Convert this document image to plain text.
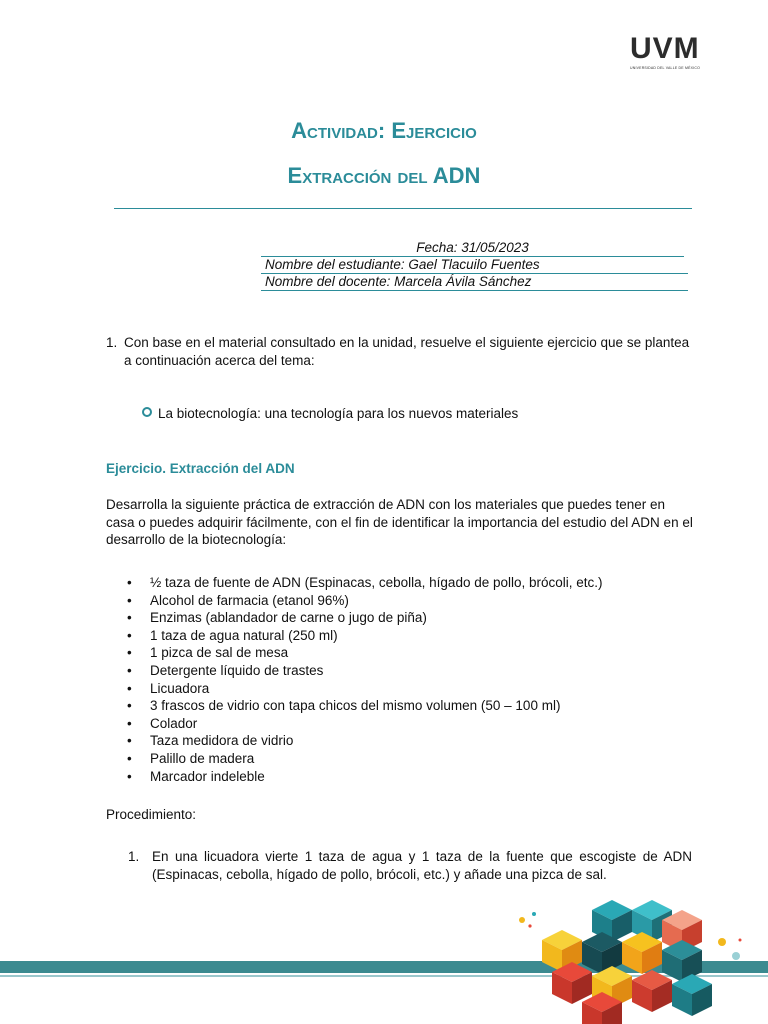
UVM
UNIVERSIDAD DEL VALLE DE MÉXICO
Actividad: Ejercicio
Extracción del ADN
Fecha: 31/05/2023
Nombre del estudiante: Gael Tlacuilo Fuentes
Nombre del docente: Marcela Ávila Sánchez
1. Con base en el material consultado en la unidad, resuelve el siguiente ejercicio que se plantea a continuación acerca del tema:
La biotecnología: una tecnología para los nuevos materiales
Ejercicio. Extracción del ADN
Desarrolla la siguiente práctica de extracción de ADN con los materiales que puedes tener en casa o puedes adquirir fácilmente, con el fin de identificar la importancia del estudio del ADN en el desarrollo de la biotecnología:
• ½ taza de fuente de ADN (Espinacas, cebolla, hígado de pollo, brócoli, etc.)
• Alcohol de farmacia (etanol 96%)
• Enzimas (ablandador de carne o jugo de piña)
• 1 taza de agua natural (250 ml)
• 1 pizca de sal de mesa
• Detergente líquido de trastes
• Licuadora
• 3 frascos de vidrio con tapa chicos del mismo volumen (50 – 100 ml)
• Colador
• Taza medidora de vidrio
• Palillo de madera
• Marcador indeleble
Procedimiento:
1. En una licuadora vierte 1 taza de agua y 1 taza de la fuente que escogiste de ADN (Espinacas, cebolla, hígado de pollo, brócoli, etc.) y añade una pizca de sal.
